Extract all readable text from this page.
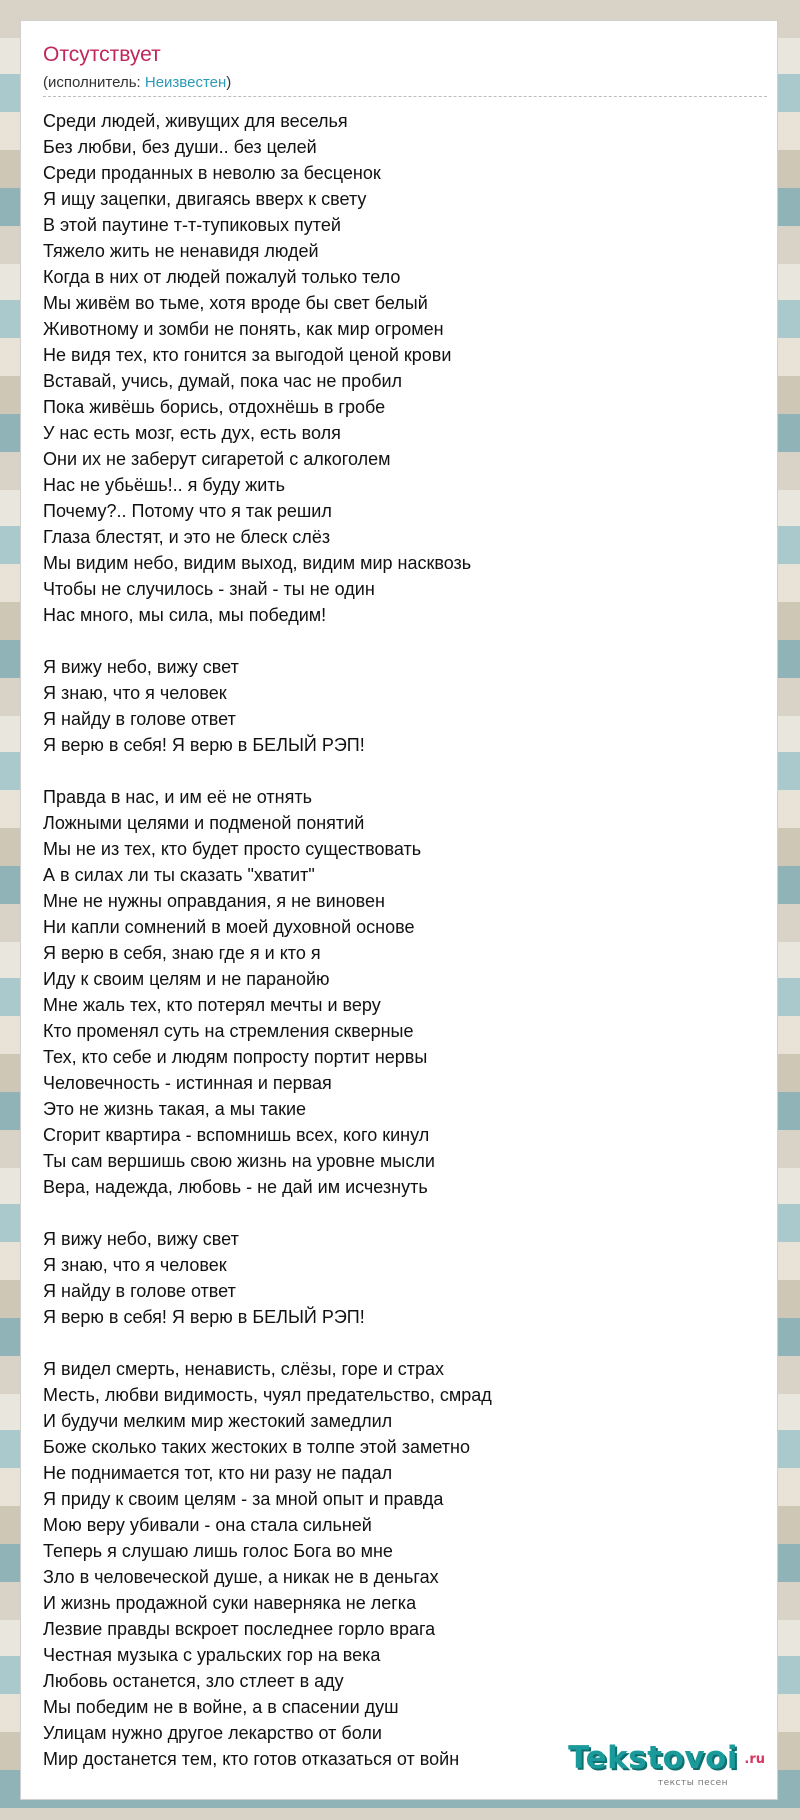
Отсутствует
(исполнитель: Неизвестен)
Среди людей, живущих для веселья
Без любви, без души.. без целей
Среди проданных в неволю за бесценок
Я ищу зацепки, двигаясь вверх к свету
В этой паутине т-т-тупиковых путей
Тяжело жить не ненавидя людей
Когда в них от людей пожалуй только тело
Мы живём во тьме, хотя вроде бы свет белый
Животному и зомби не понять, как мир огромен
Не видя тех, кто гонится за выгодой ценой крови
Вставай, учись, думай, пока час не пробил
Пока живёшь борись, отдохнёшь в гробе
У нас есть мозг, есть дух, есть воля
Они их не заберут сигаретой с алкоголем
Нас не убьёшь!.. я буду жить
Почему?.. Потому что я так решил
Глаза блестят, и это не блеск слёз
Мы видим небо, видим выход, видим мир насквозь
Чтобы не случилось - знай - ты не один
Нас много, мы сила, мы победим!
Я вижу небо, вижу свет
Я знаю, что я человек
Я найду в голове ответ
Я верю в себя! Я верю в БЕЛЫЙ РЭП!
Правда в нас, и им её не отнять
Ложными целями и подменой понятий
Мы не из тех, кто будет просто существовать
А в силах ли ты сказать "хватит"
Мне не нужны оправдания, я не виновен
Ни капли сомнений в моей духовной основе
Я верю в себя, знаю где я и кто я
Иду к своим целям и не паранойю
Мне жаль тех, кто потерял мечты и веру
Кто променял суть на стремления скверные
Тех, кто себе и людям попросту портит нервы
Человечность - истинная и первая
Это не жизнь такая, а мы такие
Сгорит квартира - вспомнишь всех, кого кинул
Ты сам вершишь свою жизнь на уровне мысли
Вера, надежда, любовь - не дай им исчезнуть
Я вижу небо, вижу свет
Я знаю, что я человек
Я найду в голове ответ
Я верю в себя! Я верю в БЕЛЫЙ РЭП!
Я видел смерть, ненависть, слёзы, горе и страх
Месть, любви видимость, чуял предательство, смрад
И будучи мелким мир жестокий замедлил
Боже сколько таких жестоких в толпе этой заметно
Не поднимается тот, кто ни разу не падал
Я приду к своим целям - за мной опыт и правда
Мою веру убивали - она стала сильней
Теперь я слушаю лишь голос Бога во мне
Зло в человеческой душе, а никак не в деньгах
И жизнь продажной суки наверняка не легка
Лезвие правды вскроет последнее горло врага
Честная музыка с уральских гор на века
Любовь останется, зло стлеет в аду
Мы победим не в войне, а в спасении душ
Улицам нужно другое лекарство от боли
Мир достанется тем, кто готов отказаться от войн	Tekstovoi .ru
тексты песен
